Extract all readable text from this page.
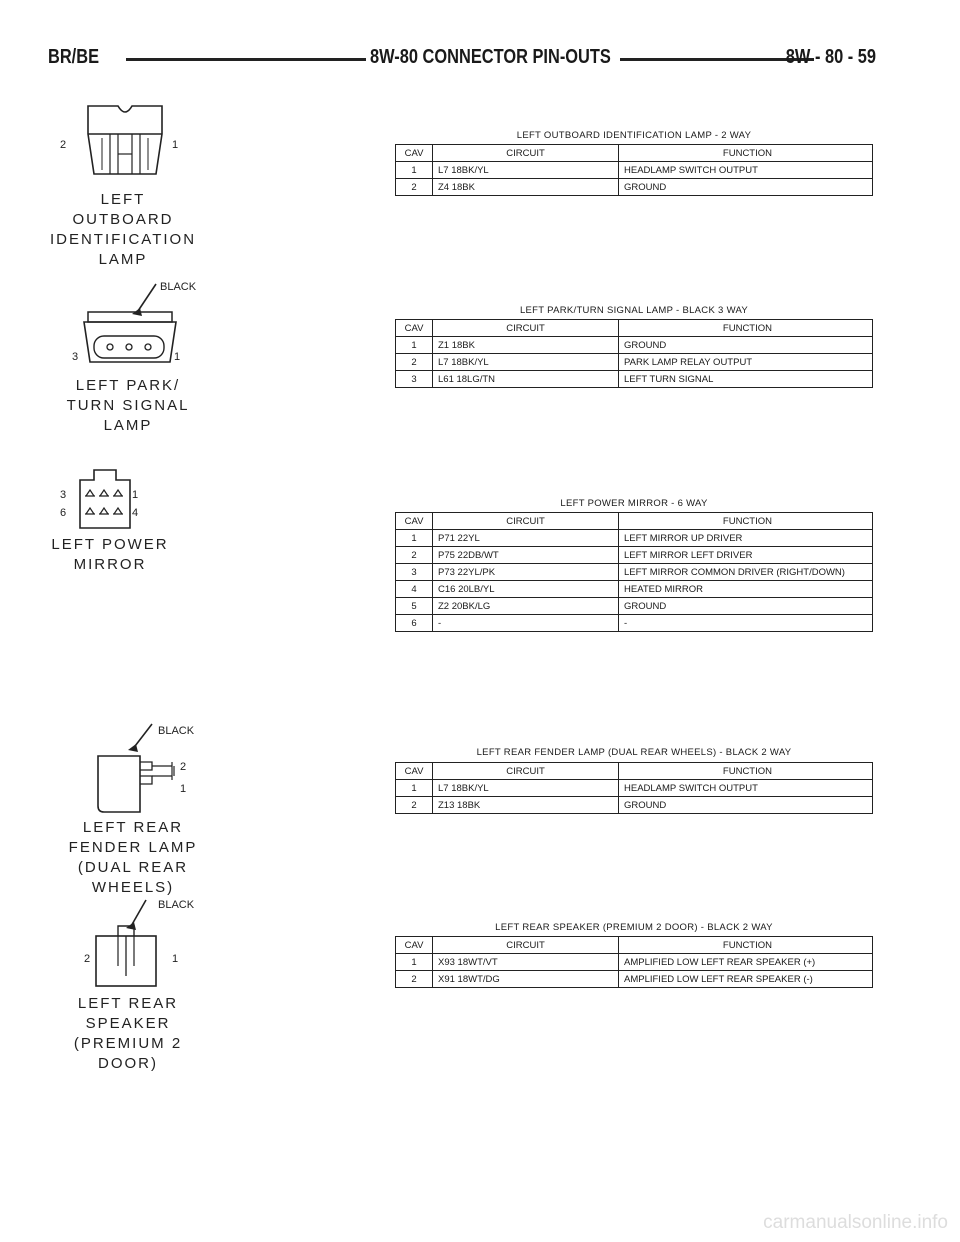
BR/BE	8W-80 CONNECTOR PIN-OUTS	8W - 80 - 59
2	1
LEFT OUTBOARD
IDENTIFICATION
LAMP
LEFT OUTBOARD IDENTIFICATION LAMP - 2 WAY
CAV	CIRCUIT	FUNCTION
1	L7 18BK/YL	HEADLAMP SWITCH OUTPUT
2	Z4 18BK	GROUND
BLACK
3	1
LEFT PARK/
TURN SIGNAL LAMP
LEFT PARK/TURN SIGNAL LAMP - BLACK 3 WAY
CAV	CIRCUIT	FUNCTION
1	Z1 18BK	GROUND
2	L7 18BK/YL	PARK LAMP RELAY OUTPUT
3	L61 18LG/TN	LEFT TURN SIGNAL
3	1
6	4
LEFT POWER
MIRROR
LEFT POWER MIRROR - 6 WAY
CAV	CIRCUIT	FUNCTION
1	P71 22YL	LEFT MIRROR UP DRIVER
2	P75 22DB/WT	LEFT MIRROR LEFT DRIVER
3	P73 22YL/PK	LEFT MIRROR COMMON DRIVER (RIGHT/DOWN)
4	C16 20LB/YL	HEATED MIRROR
5	Z2 20BK/LG	GROUND
6	-	-
BLACK
2
1
LEFT REAR
FENDER LAMP
(DUAL REAR WHEELS)
LEFT REAR FENDER LAMP (DUAL REAR WHEELS) - BLACK 2 WAY
CAV	CIRCUIT	FUNCTION
1	L7 18BK/YL	HEADLAMP SWITCH OUTPUT
2	Z13 18BK	GROUND
BLACK
2	1
LEFT REAR
SPEAKER
(PREMIUM 2 DOOR)
LEFT REAR SPEAKER (PREMIUM 2 DOOR) - BLACK 2 WAY
CAV	CIRCUIT	FUNCTION
1	X93 18WT/VT	AMPLIFIED LOW LEFT REAR SPEAKER (+)
2	X91 18WT/DG	AMPLIFIED LOW LEFT REAR SPEAKER (-)
carmanualsonline.info
